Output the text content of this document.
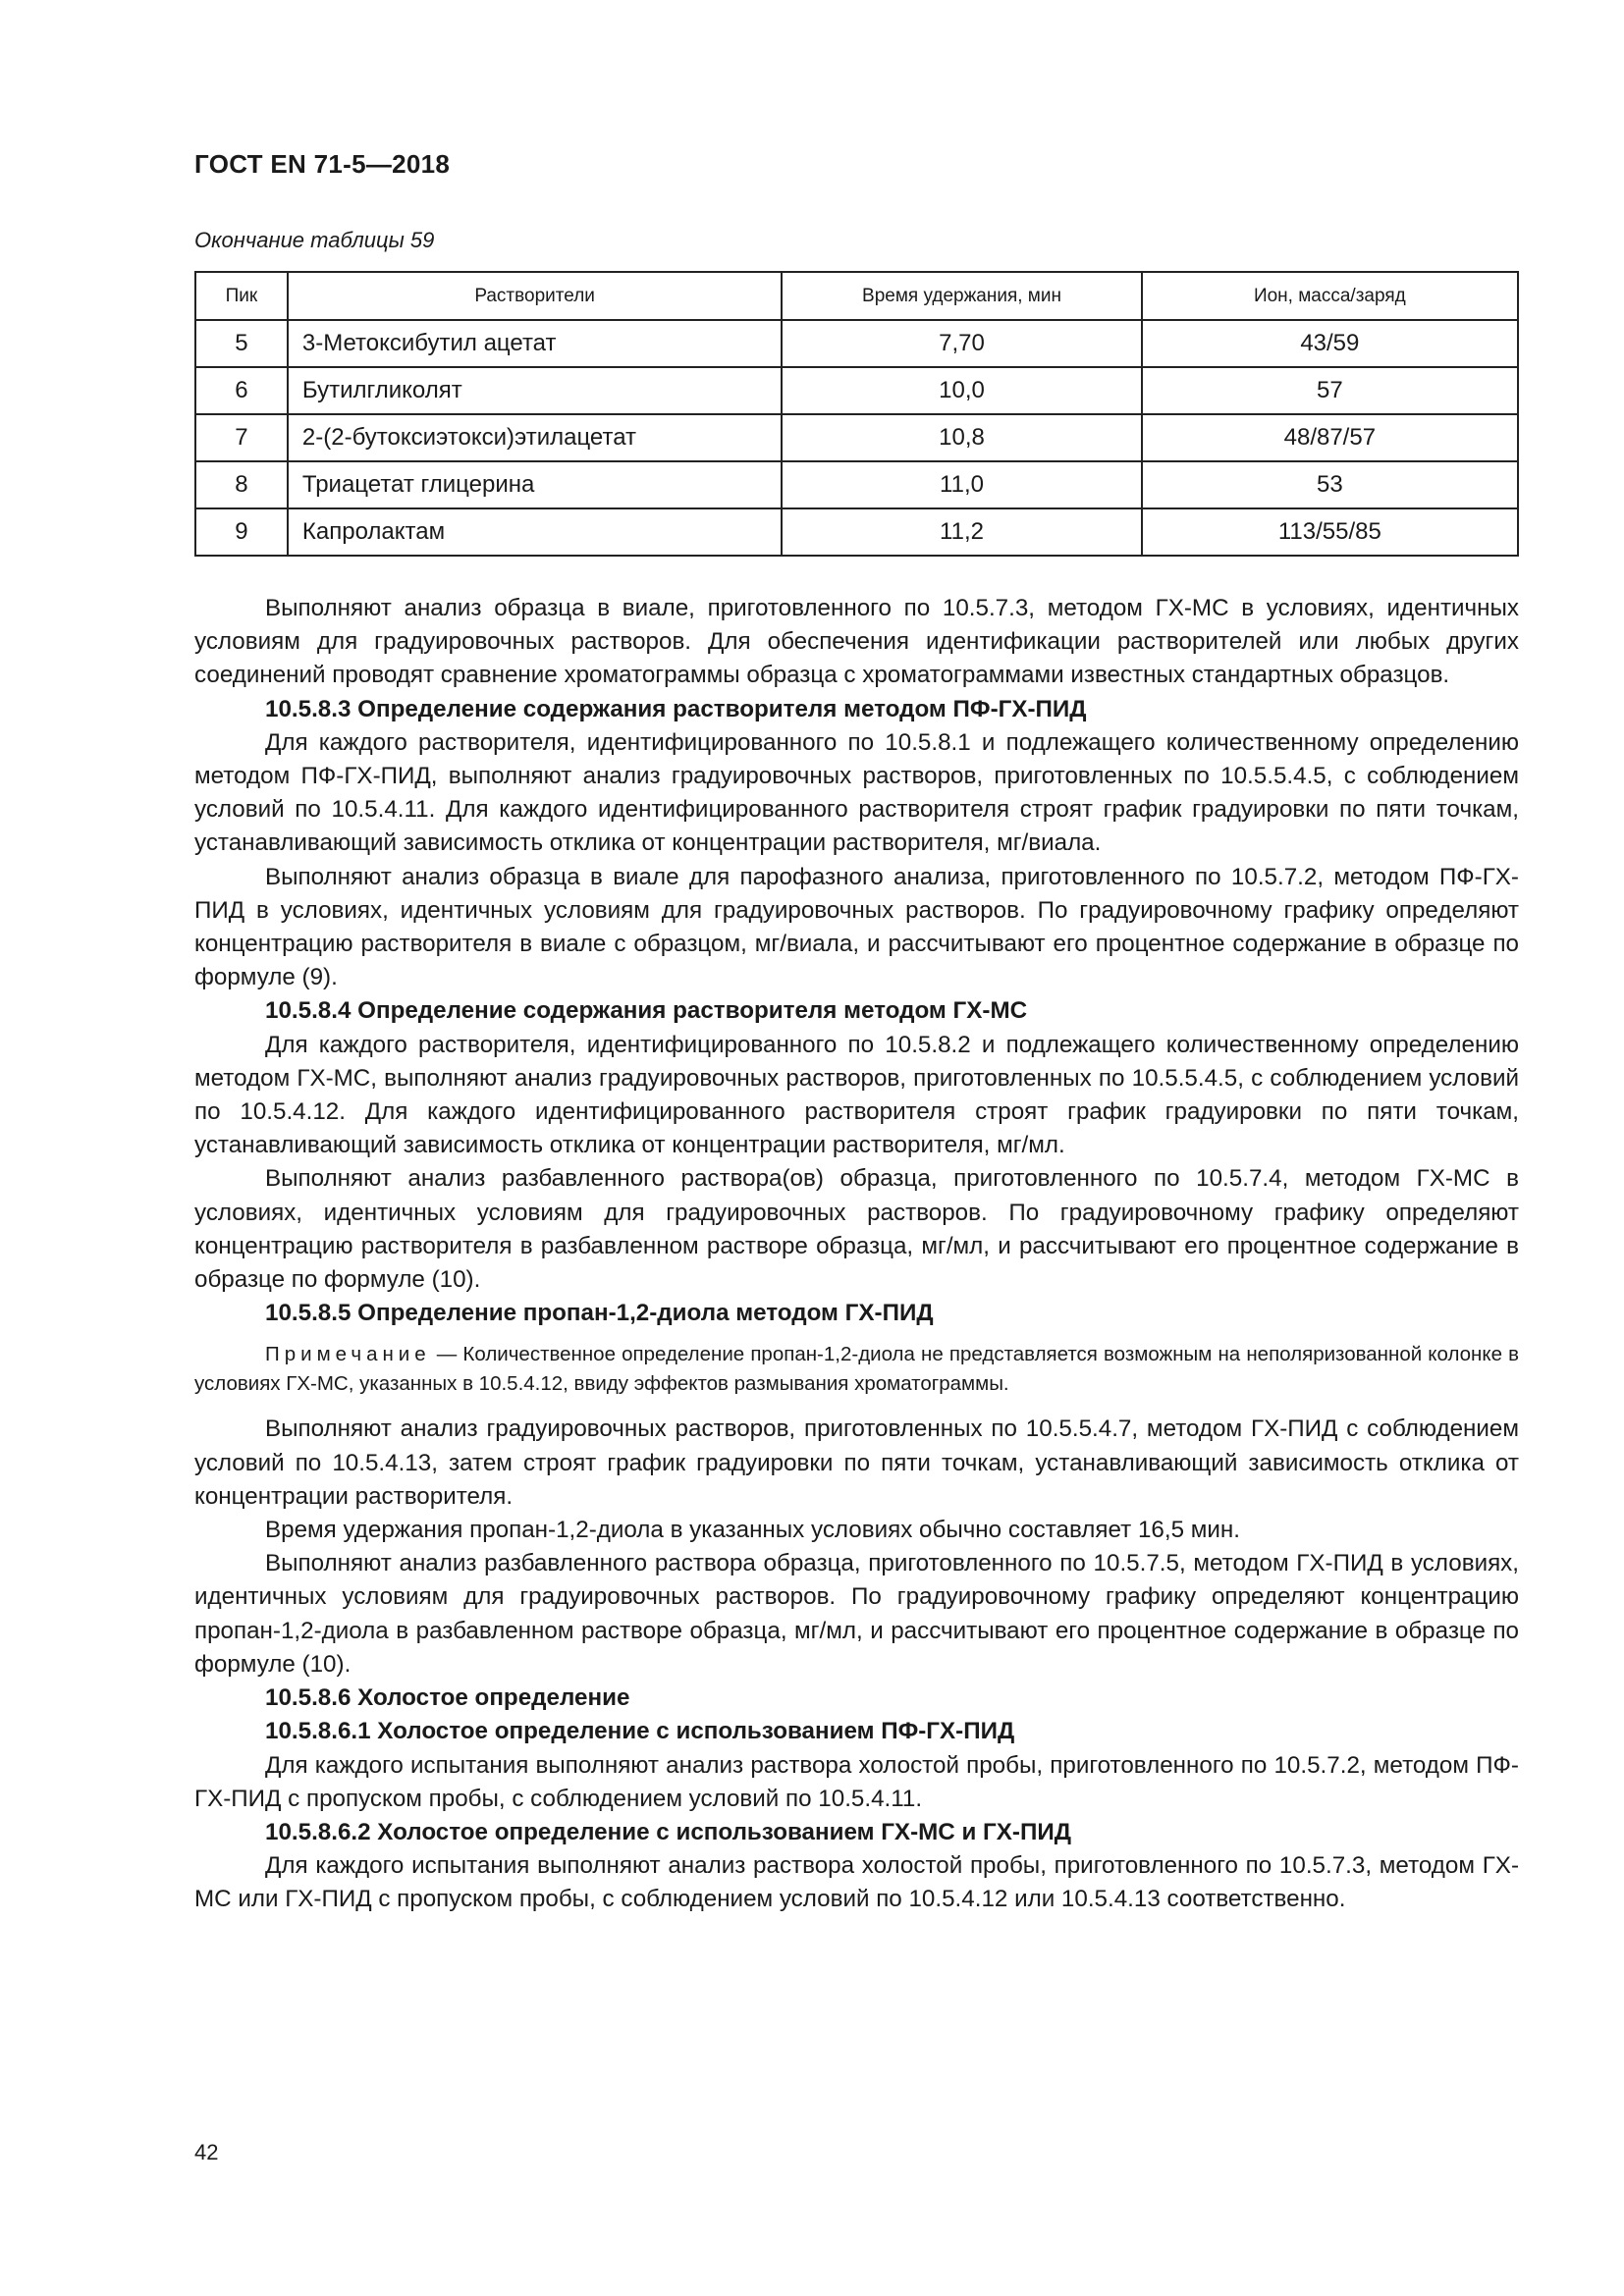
ГОСТ EN 71-5—2018
Окончание таблицы 59
Пик	Растворители	Время удержания, мин	Ион, масса/заряд
5	3-Метоксибутил ацетат	7,70	43/59
6	Бутилгликолят	10,0	57
7	2-(2-бутоксиэтокси)этилацетат	10,8	48/87/57
8	Триацетат глицерина	11,0	53
9	Капролактам	11,2	113/55/85

Выполняют анализ образца в виале, приготовленного по 10.5.7.3, методом ГХ-МС в условиях, идентичных условиям для градуировочных растворов. Для обеспечения идентификации растворителей или любых других соединений проводят сравнение хроматограммы образца с хроматограммами известных стандартных образцов.

10.5.8.3 Определение содержания растворителя методом ПФ-ГХ-ПИД

Для каждого растворителя, идентифицированного по 10.5.8.1 и подлежащего количественному определению методом ПФ-ГХ-ПИД, выполняют анализ градуировочных растворов, приготовленных по 10.5.5.4.5, с соблюдением условий по 10.5.4.11. Для каждого идентифицированного растворителя строят график градуировки по пяти точкам, устанавливающий зависимость отклика от концентрации растворителя, мг/виала.

Выполняют анализ образца в виале для парофазного анализа, приготовленного по 10.5.7.2, методом ПФ-ГХ-ПИД в условиях, идентичных условиям для градуировочных растворов. По градуировочному графику определяют концентрацию растворителя в виале с образцом, мг/виала, и рассчитывают его процентное содержание в образце по формуле (9).

10.5.8.4 Определение содержания растворителя методом ГХ-МС

Для каждого растворителя, идентифицированного по 10.5.8.2 и подлежащего количественному определению методом ГХ-МС, выполняют анализ градуировочных растворов, приготовленных по 10.5.5.4.5, с соблюдением условий по 10.5.4.12. Для каждого идентифицированного растворителя строят график градуировки по пяти точкам, устанавливающий зависимость отклика от концентрации растворителя, мг/мл.

Выполняют анализ разбавленного раствора(ов) образца, приготовленного по 10.5.7.4, методом ГХ-МС в условиях, идентичных условиям для градуировочных растворов. По градуировочному графику определяют концентрацию растворителя в разбавленном растворе образца, мг/мл, и рассчитывают его процентное содержание в образце по формуле (10).

10.5.8.5 Определение пропан-1,2-диола методом ГХ-ПИД

Примечание — Количественное определение пропан-1,2-диола не представляется возможным на неполяризованной колонке в условиях ГХ-МС, указанных в 10.5.4.12, ввиду эффектов размывания хроматограммы.

Выполняют анализ градуировочных растворов, приготовленных по 10.5.5.4.7, методом ГХ-ПИД с соблюдением условий по 10.5.4.13, затем строят график градуировки по пяти точкам, устанавливающий зависимость отклика от концентрации растворителя.

Время удержания пропан-1,2-диола в указанных условиях обычно составляет 16,5 мин.

Выполняют анализ разбавленного раствора образца, приготовленного по 10.5.7.5, методом ГХ-ПИД в условиях, идентичных условиям для градуировочных растворов. По градуировочному графику определяют концентрацию пропан-1,2-диола в разбавленном растворе образца, мг/мл, и рассчитывают его процентное содержание в образце по формуле (10).

10.5.8.6 Холостое определение

10.5.8.6.1 Холостое определение с использованием ПФ-ГХ-ПИД

Для каждого испытания выполняют анализ раствора холостой пробы, приготовленного по 10.5.7.2, методом ПФ-ГХ-ПИД с пропуском пробы, с соблюдением условий по 10.5.4.11.

10.5.8.6.2 Холостое определение с использованием ГХ-МС и ГХ-ПИД

Для каждого испытания выполняют анализ раствора холостой пробы, приготовленного по 10.5.7.3, методом ГХ-МС или ГХ-ПИД с пропуском пробы, с соблюдением условий по 10.5.4.12 или 10.5.4.13 соответственно.

42
